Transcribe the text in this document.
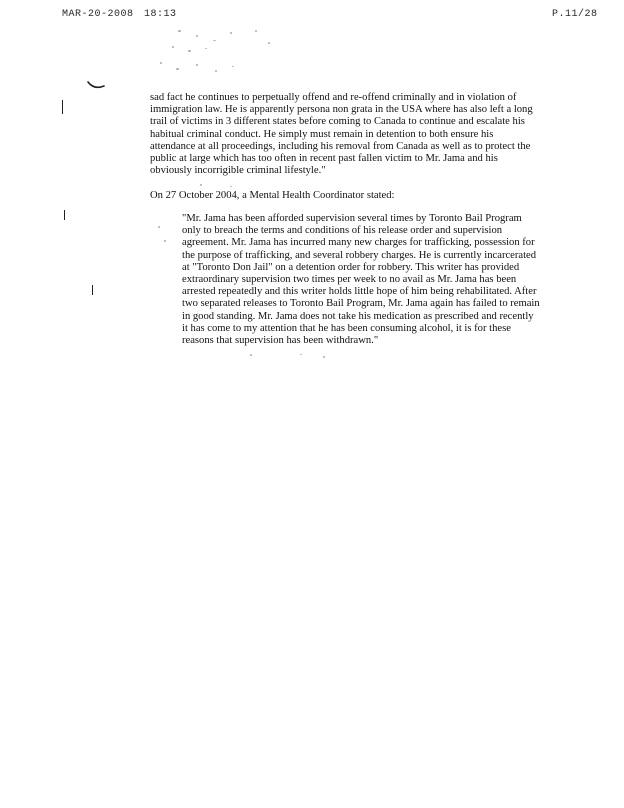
MAR-20-2008 18:13	P.11/28
sad fact he continues to perpetually offend and re-offend criminally and in violation of immigration law. He is apparently persona non grata in the USA where has also left a long trail of victims in 3 different states before coming to Canada to continue and escalate his habitual criminal conduct. He simply must remain in detention to both ensure his attendance at all proceedings, including his removal from Canada as well as to protect the public at large which has too often in recent past fallen victim to Mr. Jama and his obviously incorrigible criminal lifestyle."
On 27 October 2004, a Mental Health Coordinator stated:
"Mr. Jama has been afforded supervision several times by Toronto Bail Program only to breach the terms and conditions of his release order and supervision agreement. Mr. Jama has incurred many new charges for trafficking, possession for the purpose of trafficking, and several robbery charges. He is currently incarcerated at "Toronto Don Jail" on a detention order for robbery. This writer has provided extraordinary supervision two times per week to no avail as Mr. Jama has been arrested repeatedly and this writer holds little hope of him being rehabilitated. After two separated releases to Toronto Bail Program, Mr. Jama again has failed to remain in good standing. Mr. Jama does not take his medication as prescribed and recently it has come to my attention that he has been consuming alcohol, it is for these reasons that supervision has been withdrawn."
